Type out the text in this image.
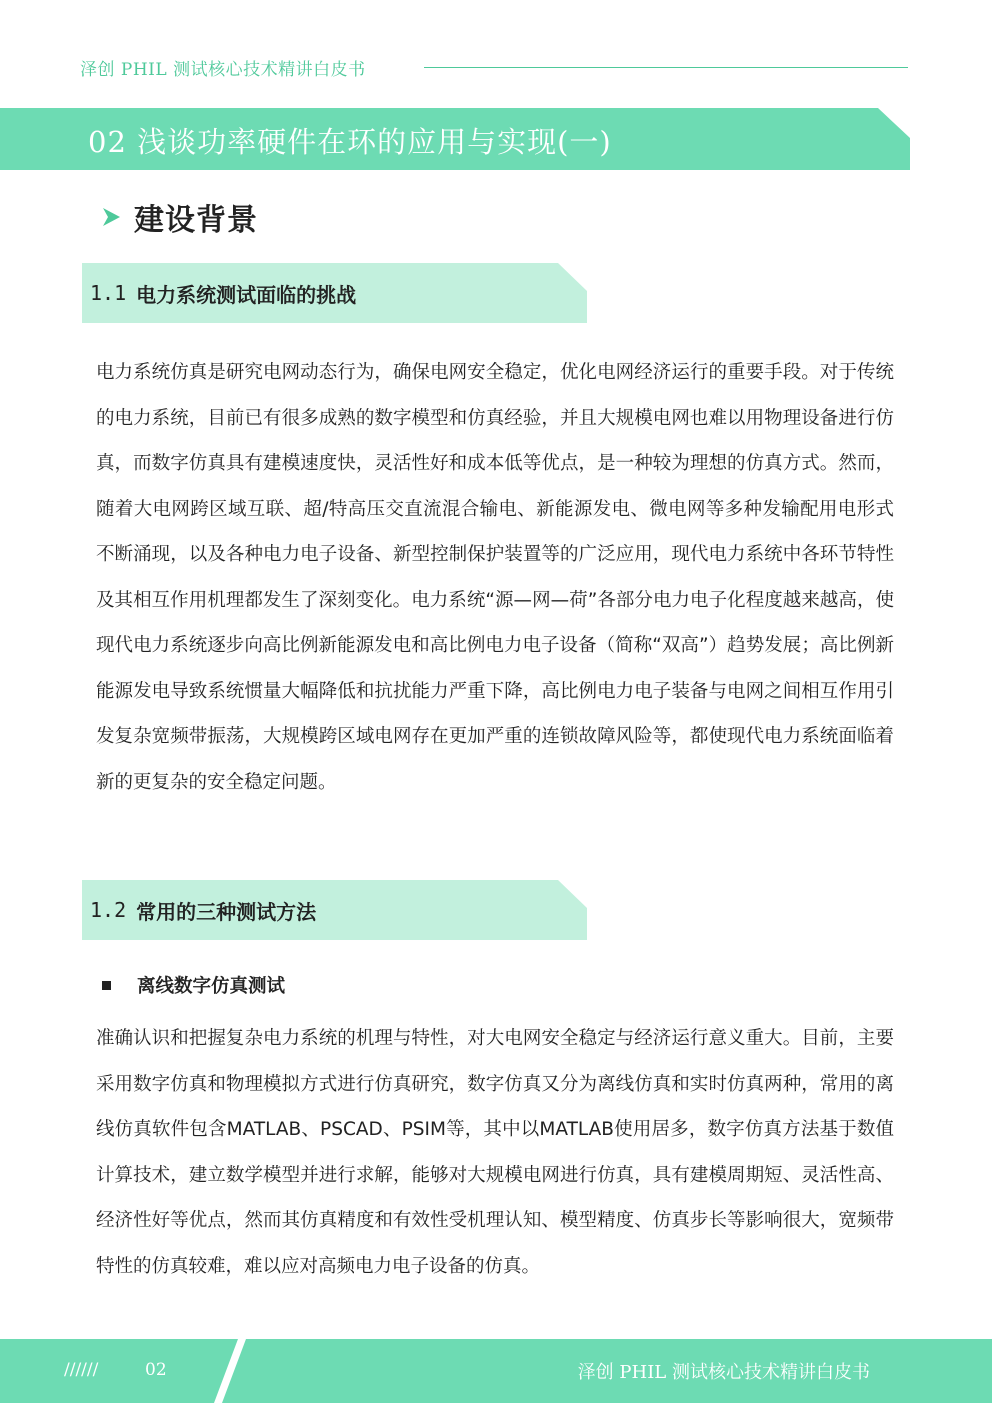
泽创 PHIL 测试核心技术精讲白皮书
02 浅谈功率硬件在环的应用与实现(一)
建设背景
1.1 电力系统测试面临的挑战
电力系统仿真是研究电网动态行为，确保电网安全稳定，优化电网经济运行的重要手段。对于传统的电力系统，目前已有很多成熟的数字模型和仿真经验，并且大规模电网也难以用物理设备进行仿真，而数字仿真具有建模速度快，灵活性好和成本低等优点，是一种较为理想的仿真方式。然而，随着大电网跨区域互联、超/特高压交直流混合输电、新能源发电、微电网等多种发输配用电形式不断涌现，以及各种电力电子设备、新型控制保护装置等的广泛应用，现代电力系统中各环节特性及其相互作用机理都发生了深刻变化。电力系统“源—网—荷”各部分电力电子化程度越来越高，使现代电力系统逐步向高比例新能源发电和高比例电力电子设备（简称“双高”）趋势发展；高比例新能源发电导致系统惯量大幅降低和抗扰能力严重下降，高比例电力电子装备与电网之间相互作用引发复杂宽频带振荡，大规模跨区域电网存在更加严重的连锁故障风险等，都使现代电力系统面临着新的更复杂的安全稳定问题。
1.2 常用的三种测试方法
离线数字仿真测试
准确认识和把握复杂电力系统的机理与特性，对大电网安全稳定与经济运行意义重大。目前，主要采用数字仿真和物理模拟方式进行仿真研究，数字仿真又分为离线仿真和实时仿真两种，常用的离线仿真软件包含MATLAB、PSCAD、PSIM等，其中以MATLAB使用居多，数字仿真方法基于数值计算技术，建立数学模型并进行求解，能够对大规模电网进行仿真，具有建模周期短、灵活性高、经济性好等优点，然而其仿真精度和有效性受机理认知、模型精度、仿真步长等影响很大，宽频带特性的仿真较难，难以应对高频电力电子设备的仿真。
//////	02	泽创 PHIL 测试核心技术精讲白皮书
